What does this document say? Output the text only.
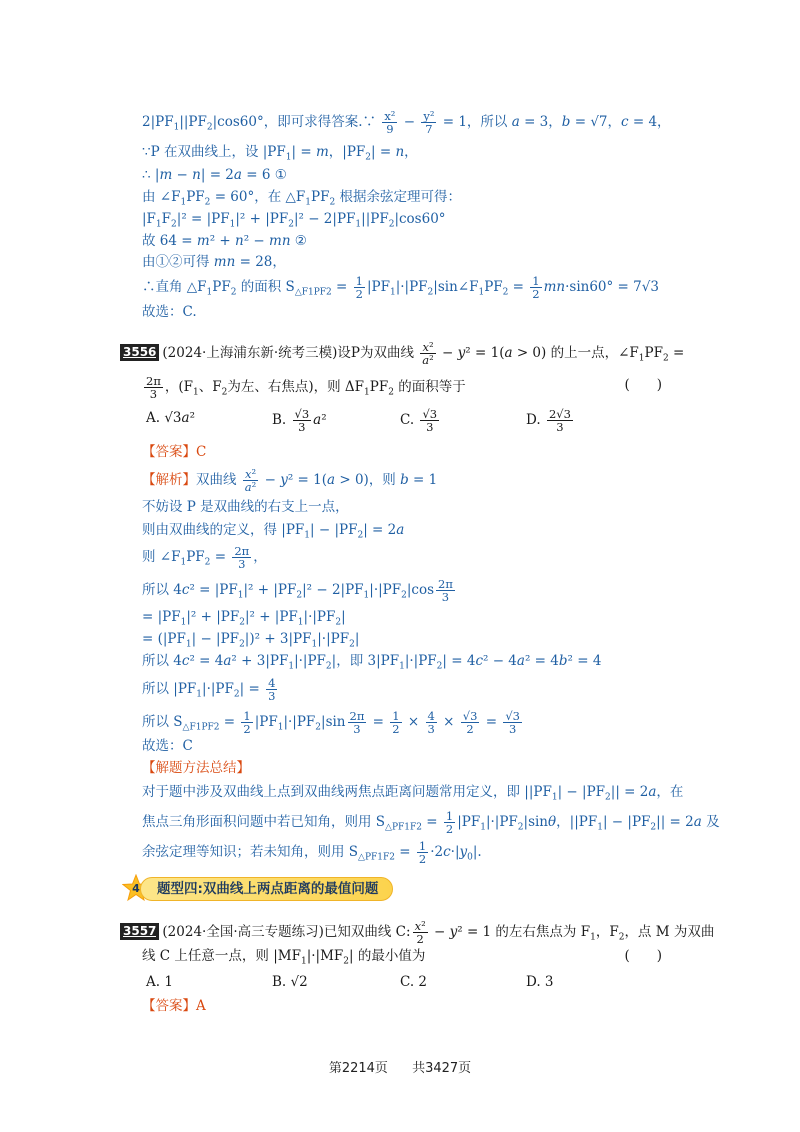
$2|PF_1||PF_2|\cos 60^\circ$，即可求得答案.∵ $\frac{\text{x²}}{9} - \frac{\text{y²}}{7} = 1$，所以 a = 3，b = √7，c = 4，
∵P 在双曲线上，设 $|PF_1| = m$，$|PF_2| = n$，
∴ |m − n| = 2a = 6 ①
由 $\angle F_1PF_2 = 60^\circ$，在 $\triangle F_1PF_2$ 根据余弦定理可得：
$|F_1F_2|^2 = |PF_1|^2 + |PF_2|^2 - 2|PF_1||PF_2|\cos 60^\circ$
故 64 = m² + n² − mn ②
由①②可得 mn = 28，
∴直角 $\triangle F_1PF_2$ 的面积 $S_{\triangle F1PF2} = \frac{1}{2}$ $|PF_1|\cdot|PF_2|\sin\angle F_1PF_2 = \frac{1}{2} mn\cdot\sin 60^\circ = 7√3$
故选：C.
3556 (2024·上海浦东新·统考三模)设P为双曲线 $\frac{\text{x²}}{\text{a²}} - y^2 = 1(a > 0)$ 的上一点，$\angle F_1PF_2$ =
$\frac{2\pi}{3}$ ，($F_1$、$F_2$为左、右焦点)，则 $\Delta F_1PF_2$ 的面积等于	(　　)
A. √3a²	B. $\frac{√3}{3} a^2$	C. $\frac{√3}{3}$	D. $\frac{2√3}{3}$
【答案】C
【解析】双曲线 $\frac{\text{x²}}{\text{a²}} - y^2 = 1(a > 0)$，则 b = 1
不妨设 P 是双曲线的右支上一点，
则由双曲线的定义，得 $|PF_1| - |PF_2| = 2a$
则 $\angle F_1PF_2 = \frac{2\pi}{3}$ ，
所以 $4c^2 = |PF_1|^2 + |PF_2|^2 - 2|PF_1|\cdot|PF_2|\cos \frac{2\pi}{3}$
= $|PF_1|^2 + |PF_2|^2 + |PF_1|\cdot|PF_2|$
= $(|PF_1| - |PF_2|)^2 + 3|PF_1|\cdot|PF_2|$
所以 $4c^2 = 4a^2 + 3|PF_1|\cdot|PF_2|$，即 $3|PF_1|\cdot|PF_2| = 4c^2 - 4a^2 = 4b^2 = 4$
所以 $|PF_1|\cdot|PF_2| = \frac{4}{3}$
所以 $S_{\triangle F1PF2} = \frac{1}{2} |PF_1|\cdot|PF_2|\sin \frac{2\pi}{3} = \frac{1}{2} \times \frac{4}{3} \times \frac{√3}{2} = \frac{√3}{3}$
故选：C
【解题方法总结】
对于题中涉及双曲线上点到双曲线两焦点距离问题常用定义，即 $||PF_1| - |PF_2|| = 2a$，在
焦点三角形面积问题中若已知角，则用 $S_{\triangle PF1F2} = \frac{1}{2} |PF_1|\cdot|PF_2|\sin\theta$，$||PF_1| - |PF_2|| = 2a$ 及
余弦定理等知识；若未知角，则用 $S_{\triangle PF1F2} = \frac{1}{2} \cdot 2c\cdot|y_0|$.
4	题型四:双曲线上两点距离的最值问题
3557 (2024·全国·高三专题练习)已知双曲线 C: $\frac{\text{x²}}{2} - y^2 = 1$ 的左右焦点为 $F_1$，$F_2$，点 M 为双曲
线 C 上任意一点，则 $|MF_1|\cdot|MF_2|$ 的最小值为	(　　)
A. 1	B. √2	C. 2	D. 3
【答案】A
第2214页 共3427页
